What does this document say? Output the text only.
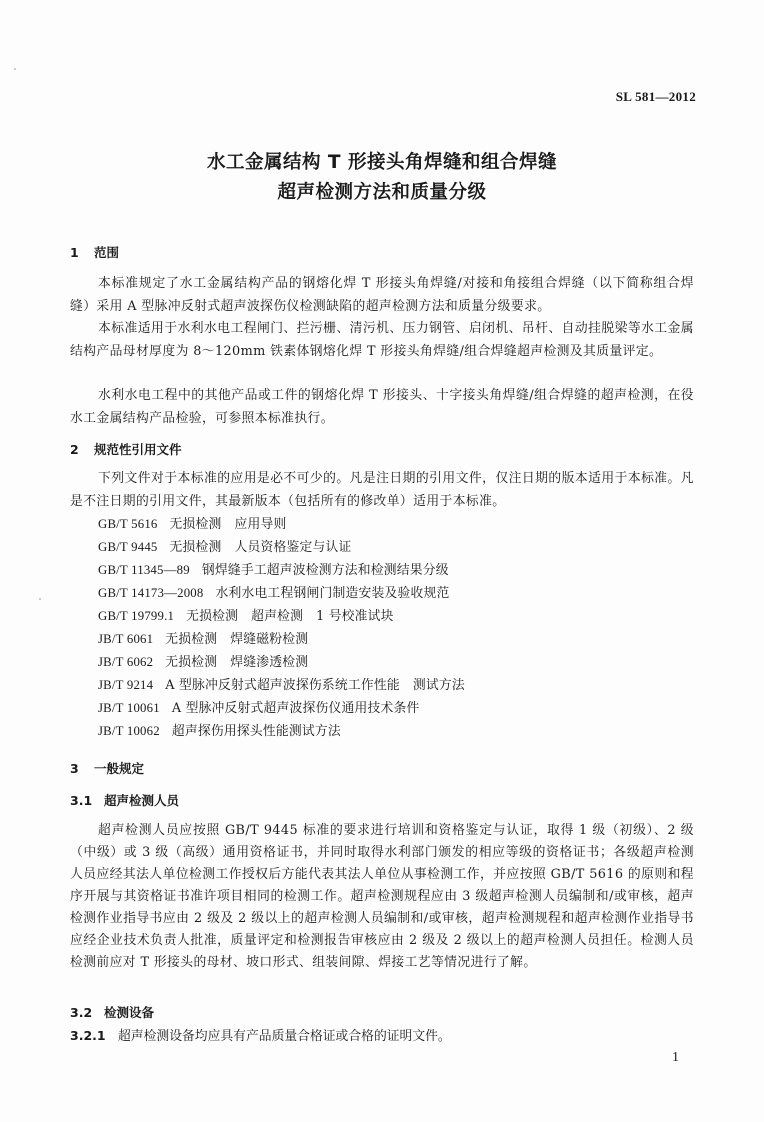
SL 581—2012
水工金属结构 T 形接头角焊缝和组合焊缝
超声检测方法和质量分级
1 范围
本标准规定了水工金属结构产品的钢熔化焊 T 形接头角焊缝/对接和角接组合焊缝（以下简称组合焊缝）采用 A 型脉冲反射式超声波探伤仪检测缺陷的超声检测方法和质量分级要求。
本标准适用于水利水电工程闸门、拦污栅、清污机、压力钢管、启闭机、吊杆、自动挂脱梁等水工金属结构产品母材厚度为 8～120mm 铁素体钢熔化焊 T 形接头角焊缝/组合焊缝超声检测及其质量评定。
水利水电工程中的其他产品或工件的钢熔化焊 T 形接头、十字接头角焊缝/组合焊缝的超声检测，在役水工金属结构产品检验，可参照本标准执行。
2 规范性引用文件
下列文件对于本标准的应用是必不可少的。凡是注日期的引用文件，仅注日期的版本适用于本标准。凡是不注日期的引用文件，其最新版本（包括所有的修改单）适用于本标准。
GB/T 5616 无损检测　应用导则
GB/T 9445 无损检测　人员资格鉴定与认证
GB/T 11345—89 钢焊缝手工超声波检测方法和检测结果分级
GB/T 14173—2008 水利水电工程钢闸门制造安装及验收规范
GB/T 19799.1 无损检测　超声检测　1 号校准试块
JB/T 6061 无损检测　焊缝磁粉检测
JB/T 6062 无损检测　焊缝渗透检测
JB/T 9214 A 型脉冲反射式超声波探伤系统工作性能　测试方法
JB/T 10061 A 型脉冲反射式超声波探伤仪通用技术条件
JB/T 10062 超声探伤用探头性能测试方法
3 一般规定
3.1 超声检测人员
超声检测人员应按照 GB/T 9445 标准的要求进行培训和资格鉴定与认证，取得 1 级（初级）、2 级（中级）或 3 级（高级）通用资格证书，并同时取得水利部门颁发的相应等级的资格证书；各级超声检测人员应经其法人单位检测工作授权后方能代表其法人单位从事检测工作，并应按照 GB/T 5616 的原则和程序开展与其资格证书准许项目相同的检测工作。超声检测规程应由 3 级超声检测人员编制和/或审核，超声检测作业指导书应由 2 级及 2 级以上的超声检测人员编制和/或审核，超声检测规程和超声检测作业指导书应经企业技术负责人批准，质量评定和检测报告审核应由 2 级及 2 级以上的超声检测人员担任。检测人员检测前应对 T 形接头的母材、坡口形式、组装间隙、焊接工艺等情况进行了解。
3.2 检测设备
3.2.1 超声检测设备均应具有产品质量合格证或合格的证明文件。
1
